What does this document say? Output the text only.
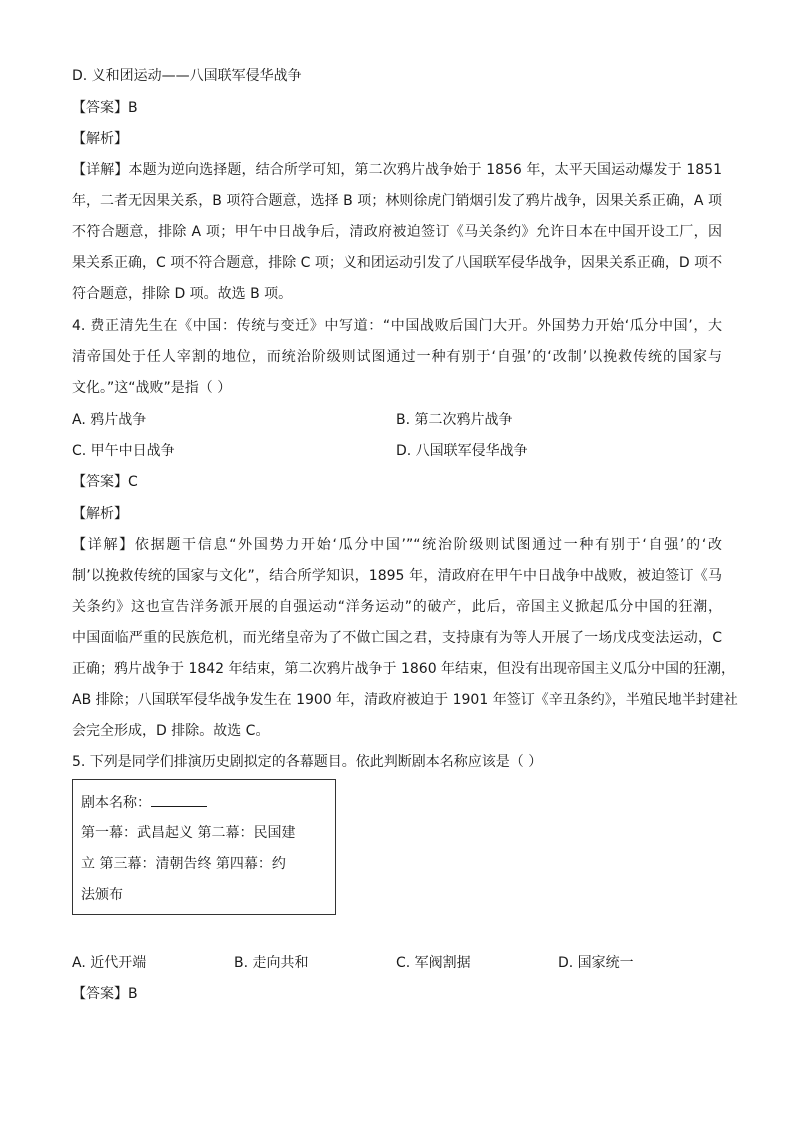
D. 义和团运动——八国联军侵华战争
【答案】B
【解析】
【详解】本题为逆向选择题，结合所学可知，第二次鸦片战争始于 1856 年，太平天国运动爆发于 1851
年，二者无因果关系，B 项符合题意，选择 B 项；林则徐虎门销烟引发了鸦片战争，因果关系正确，A 项
不符合题意，排除 A 项；甲午中日战争后，清政府被迫签订《马关条约》允许日本在中国开设工厂，因
果关系正确，C 项不符合题意，排除 C 项；义和团运动引发了八国联军侵华战争，因果关系正确，D 项不
符合题意，排除 D 项。故选 B 项。
4. 费正清先生在《中国：传统与变迁》中写道：“中国战败后国门大开。外国势力开始‘瓜分中国’，大
清帝国处于任人宰割的地位，而统治阶级则试图通过一种有别于‘自强’的‘改制’以挽救传统的国家与
文化。”这“战败”是指（ ）
A. 鸦片战争	B. 第二次鸦片战争
C. 甲午中日战争	D. 八国联军侵华战争
【答案】C
【解析】
【详解】依据题干信息“外国势力开始‘瓜分中国’”“统治阶级则试图通过一种有别于‘自强’的‘改
制’以挽救传统的国家与文化”，结合所学知识，1895 年，清政府在甲午中日战争中战败，被迫签订《马
关条约》这也宣告洋务派开展的自强运动“洋务运动”的破产，此后，帝国主义掀起瓜分中国的狂潮，
中国面临严重的民族危机，而光绪皇帝为了不做亡国之君，支持康有为等人开展了一场戊戌变法运动，C
正确；鸦片战争于 1842 年结束，第二次鸦片战争于 1860 年结束，但没有出现帝国主义瓜分中国的狂潮，
AB 排除；八国联军侵华战争发生在 1900 年，清政府被迫于 1901 年签订《辛丑条约》，半殖民地半封建社
会完全形成，D 排除。故选 C。
5. 下列是同学们排演历史剧拟定的各幕题目。依此判断剧本名称应该是（ ）
剧本名称：
第一幕：武昌起义 第二幕：民国建
立 第三幕：清朝告终 第四幕：约
法颁布
A. 近代开端	B. 走向共和	C. 军阀割据	D. 国家统一
【答案】B
